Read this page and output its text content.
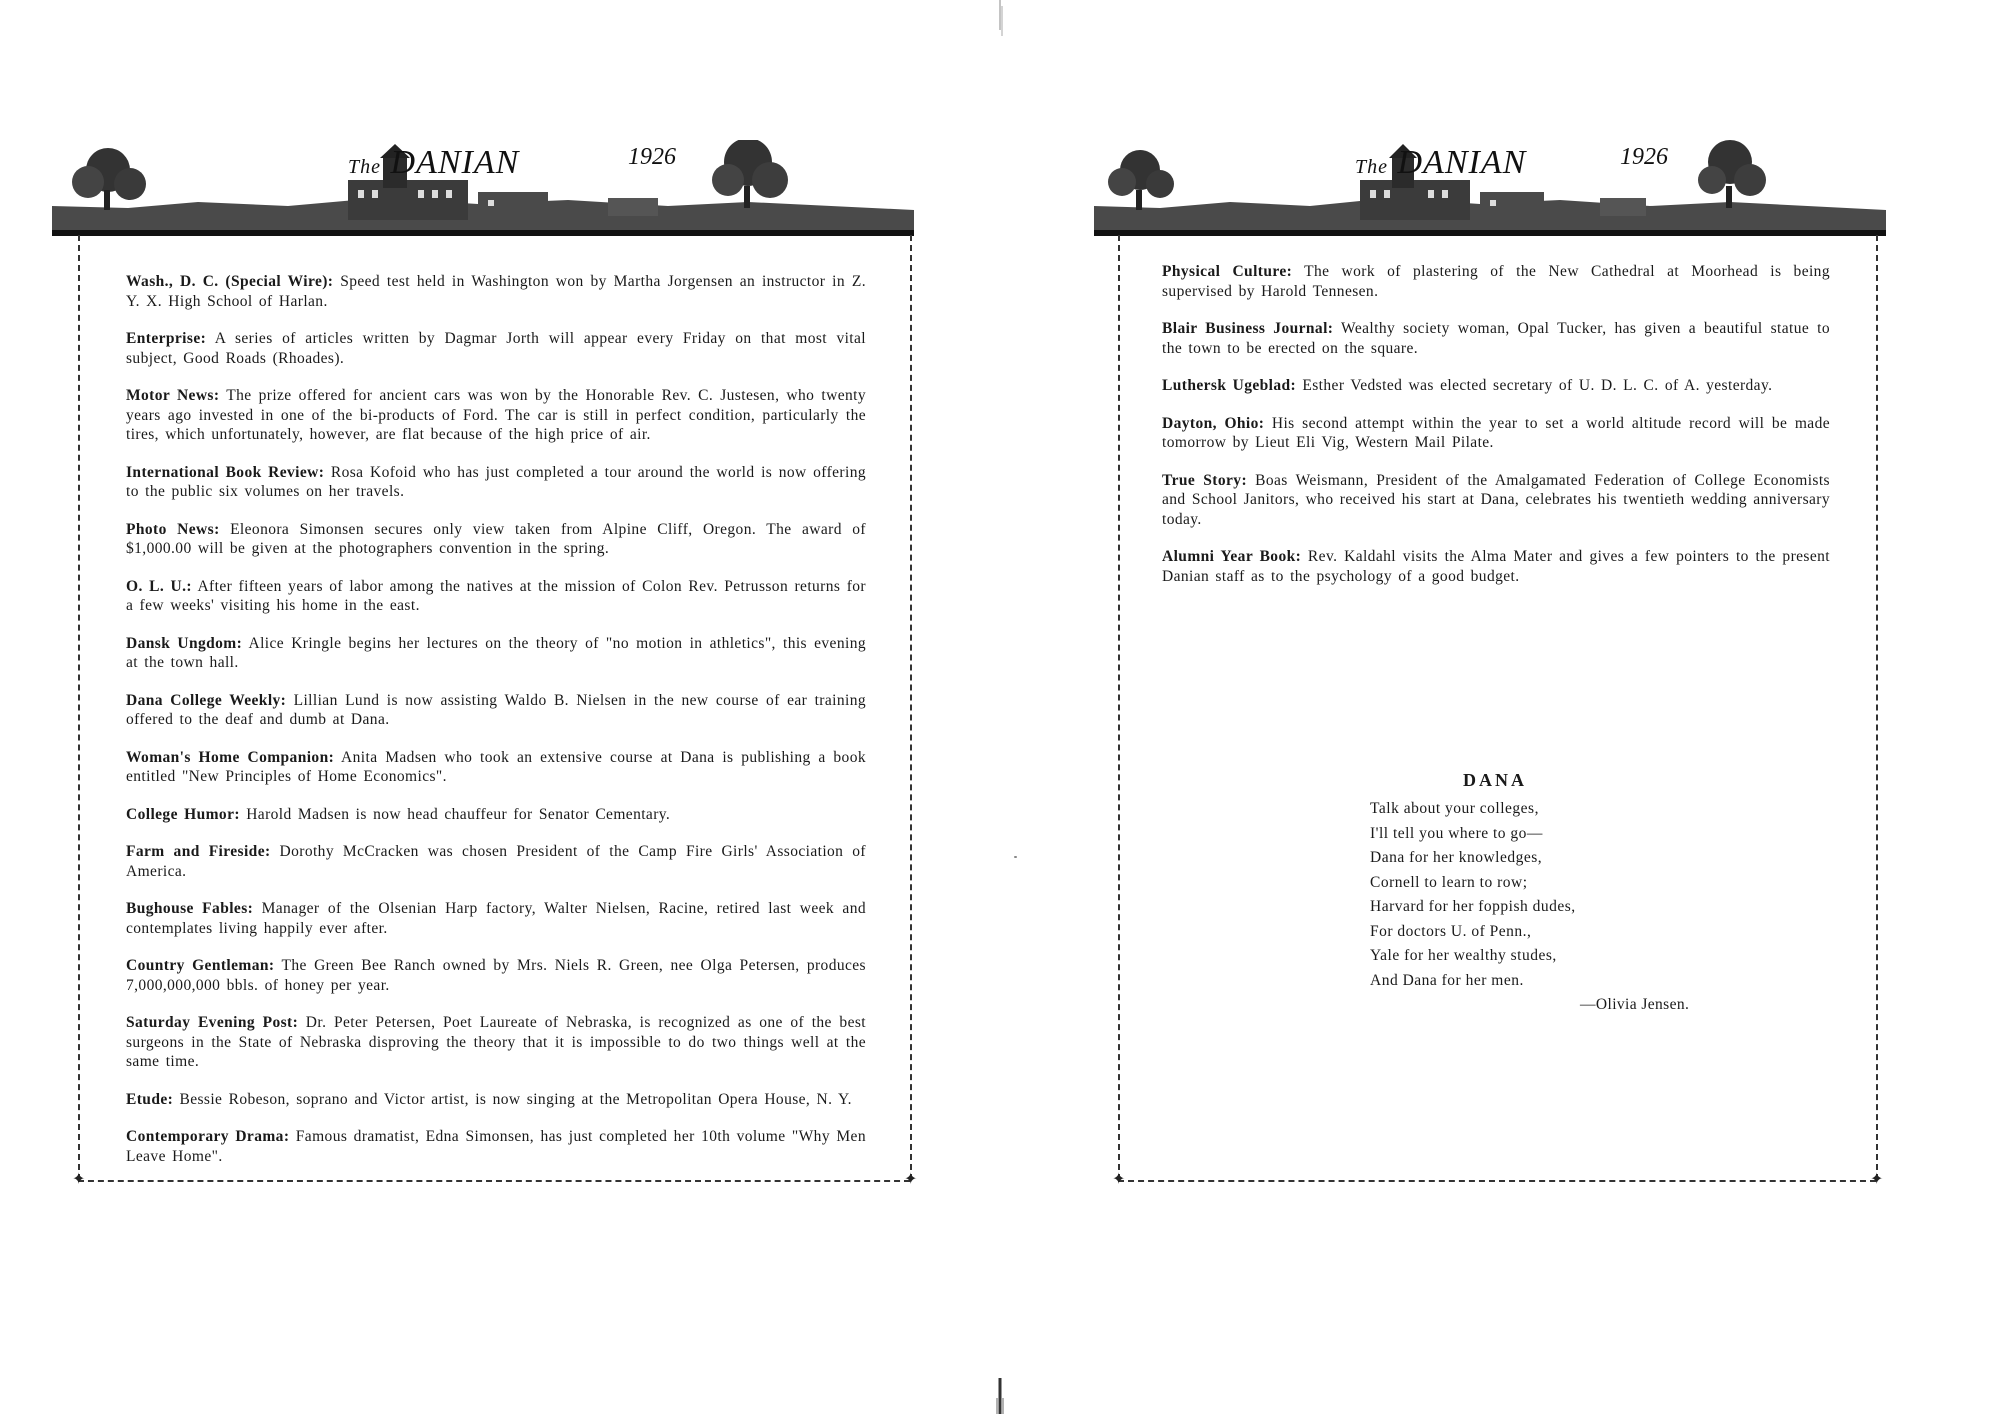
The DANIAN	1926
✦	✦

Wash., D. C. (Special Wire): Speed test held in Washington won by Martha Jorgensen an instructor in Z. Y. X. High School of Harlan.

Enterprise: A series of articles written by Dagmar Jorth will appear every Friday on that most vital subject, Good Roads (Rhoades).

Motor News: The prize offered for ancient cars was won by the Honorable Rev. C. Justesen, who twenty years ago invested in one of the bi-products of Ford. The car is still in perfect condition, particularly the tires, which unfortunately, however, are flat because of the high price of air.

International Book Review: Rosa Kofoid who has just completed a tour around the world is now offering to the public six volumes on her travels.

Photo News: Eleonora Simonsen secures only view taken from Alpine Cliff, Oregon. The award of $1,000.00 will be given at the photographers convention in the spring.

O. L. U.: After fifteen years of labor among the natives at the mission of Colon Rev. Petrusson returns for a few weeks' visiting his home in the east.

Dansk Ungdom: Alice Kringle begins her lectures on the theory of "no motion in athletics", this evening at the town hall.

Dana College Weekly: Lillian Lund is now assisting Waldo B. Nielsen in the new course of ear training offered to the deaf and dumb at Dana.

Woman's Home Companion: Anita Madsen who took an extensive course at Dana is publishing a book entitled "New Principles of Home Economics".

College Humor: Harold Madsen is now head chauffeur for Senator Cementary.

Farm and Fireside: Dorothy McCracken was chosen President of the Camp Fire Girls' Association of America.

Bughouse Fables: Manager of the Olsenian Harp factory, Walter Nielsen, Racine, retired last week and contemplates living happily ever after.

Country Gentleman: The Green Bee Ranch owned by Mrs. Niels R. Green, nee Olga Petersen, produces 7,000,000,000 bbls. of honey per year.

Saturday Evening Post: Dr. Peter Petersen, Poet Laureate of Nebraska, is recognized as one of the best surgeons in the State of Nebraska disproving the theory that it is impossible to do two things well at the same time.

Etude: Bessie Robeson, soprano and Victor artist, is now singing at the Metropolitan Opera House, N. Y.

Contemporary Drama: Famous dramatist, Edna Simonsen, has just completed her 10th volume "Why Men Leave Home".

The DANIAN	1926
✦	✦

Physical Culture: The work of plastering of the New Cathedral at Moorhead is being supervised by Harold Tennesen.

Blair Business Journal: Wealthy society woman, Opal Tucker, has given a beautiful statue to the town to be erected on the square.

Luthersk Ugeblad: Esther Vedsted was elected secretary of U. D. L. C. of A. yesterday.

Dayton, Ohio: His second attempt within the year to set a world altitude record will be made tomorrow by Lieut Eli Vig, Western Mail Pilate.

True Story: Boas Weismann, President of the Amalgamated Federation of College Economists and School Janitors, who received his start at Dana, celebrates his twentieth wedding anniversary today.

Alumni Year Book: Rev. Kaldahl visits the Alma Mater and gives a few pointers to the present Danian staff as to the psychology of a good budget.

DANA
Talk about your colleges,
I'll tell you where to go—
Dana for her knowledges,
Cornell to learn to row;
Harvard for her foppish dudes,
For doctors U. of Penn.,
Yale for her wealthy studes,
And Dana for her men.
—Olivia Jensen.
